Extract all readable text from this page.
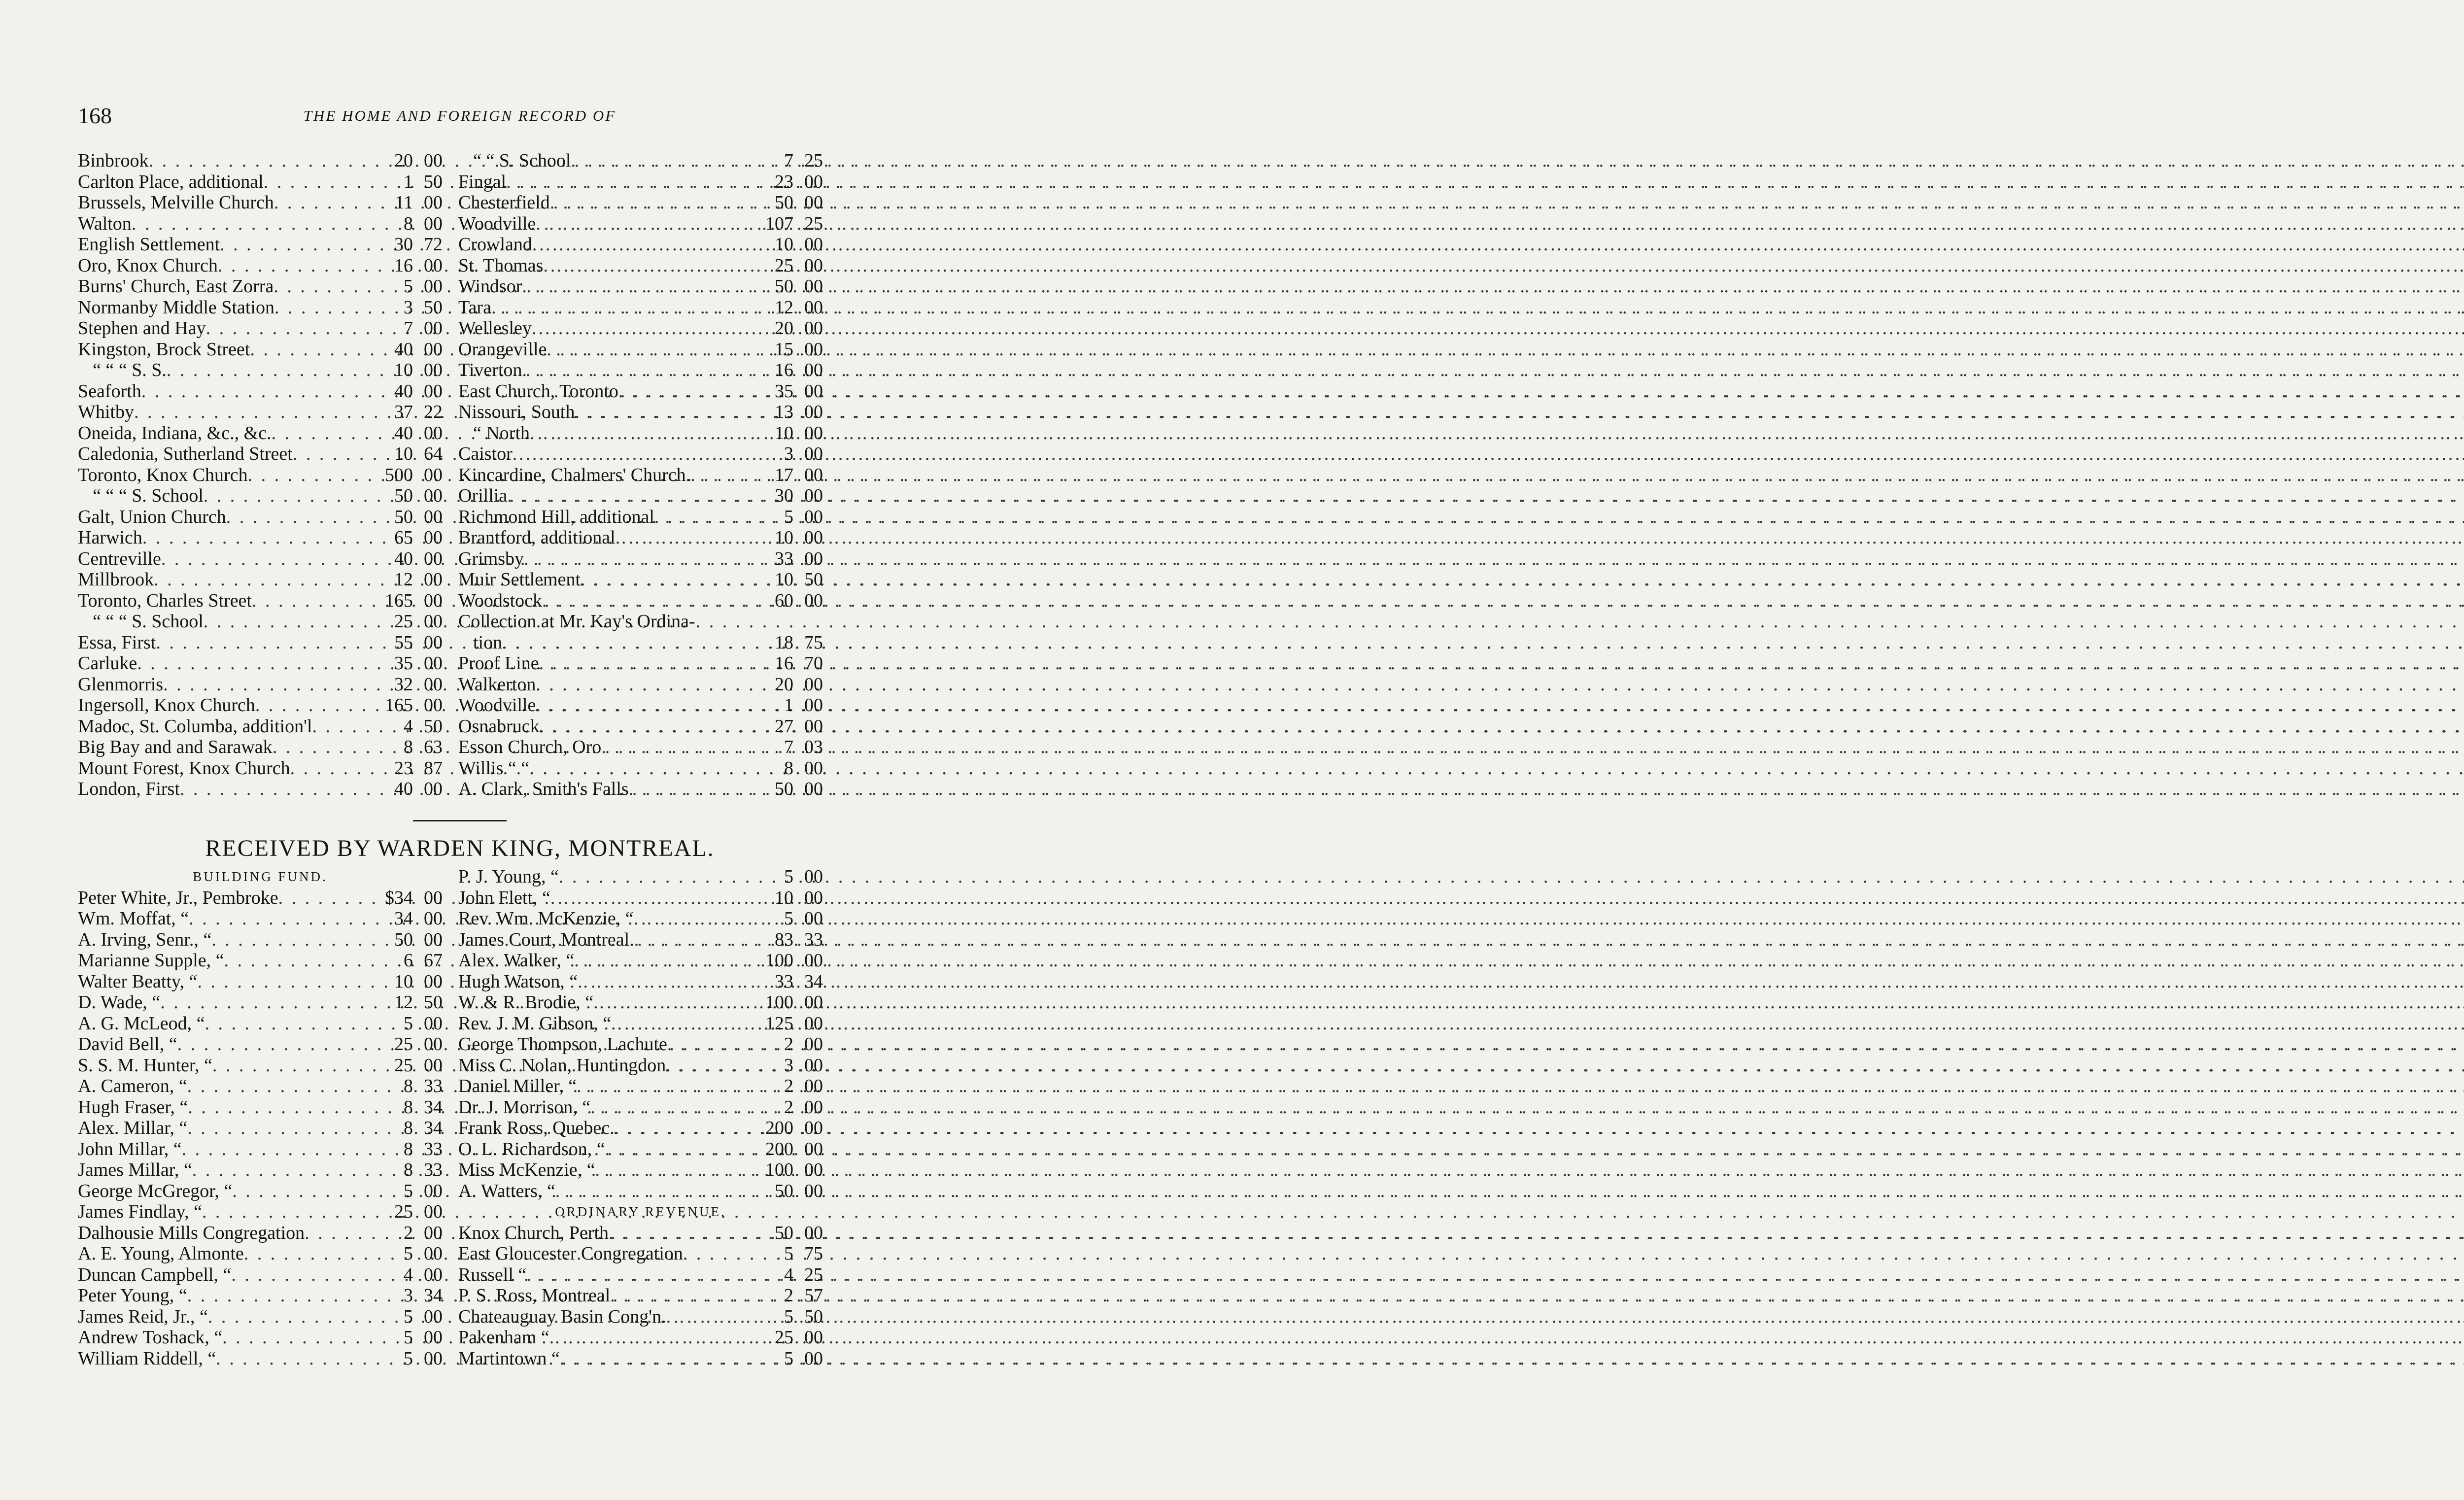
168	THE HOME AND FOREIGN RECORD OF
Binbrook . . .	20 00
Carlton Place, additional . . .	1 50
Brussels, Melville Church . . .	11 00
Walton . . .	8 00
English Settlement . . .	30 72
Oro, Knox Church . . .	16 00
Burns' Church, East Zorra . . .	5 00
Normanby Middle Station . . .	3 50
Stephen and Hay . . .	7 00
Kingston, Brock Street . . .	40 00
“ “ “ S. S. . . .	10 00
Seaforth . . .	40 00
Whitby . . .	37 22
Oneida, Indiana, &c., &c. . . .	40 00
Caledonia, Sutherland Street . . .	10 64
Toronto, Knox Church . . .	500 00
“ “ “ S. School . . .	50 00
Galt, Union Church . . .	50 00
Harwich . . .	65 00
Centreville . . .	40 00
Millbrook . . .	12 00
Toronto, Charles Street . . .	165 00
“ “ “ S. School . . .	25 00
Essa, First . . .	55 00
Carluke . . .	35 00
Glenmorris . . .	32 00
Ingersoll, Knox Church . . .	165 00
Madoc, St. Columba, addition'l . . .	4 50
Big Bay and and Sarawak . . .	8 63
Mount Forest, Knox Church . . .	23 87
London, First . . .	40 00
“ “ S. School . . .	7 25
Fingal . . .	23 00
Chesterfield . . .	50 00
Woodville . . .	107 25
Crowland . . .	10 00
St. Thomas . . .	25 00
Windsor . . .	50 00
Tara . . .	12 00
Wellesley . . .	20 00
Orangeville . . .	15 00
Tiverton . . .	16 00
East Church, Toronto . . .	35 00
Nissouri, South . . .	13 00
“ North . . .	10 00
Caistor . . .	3 00
Kincardine, Chalmers' Church. . . .	17 00
Orillia . . .	30 00
Richmond Hill, additional . . .	5 00
Brantford, additional . . .	10 00
Grimsby . . .	33 00
Muir Settlement . . .	10 50
Woodstock . . .	60 00
Collection at Mr. Kay's Ordina-
tion . . .	18 75
Proof Line . . .	16 70
Walkerton . . .	20 00
Woodville . . .	1 00
Osnabruck . . .	27 00
Esson Church, Oro . . .	7 03
Willis “ “ . . .	8 00
A. Clark, Smith's Falls . . .	50 00
RECEIVED BY WARDEN KING, MONTREAL.
BUILDING FUND.
Peter White, Jr., Pembroke . . .	$34 00
Wm. Moffat, “ . . .	34 00
A. Irving, Senr., “ . . .	50 00
Marianne Supple, “ . . .	6 67
Walter Beatty, “ . . .	10 00
D. Wade, “ . . .	12 50
A. G. McLeod, “ . . .	5 00
David Bell, “ . . .	25 00
S. S. M. Hunter, “ . . .	25 00
A. Cameron, “ . . .	8 33
Hugh Fraser, “ . . .	8 34
Alex. Millar, “ . . .	8 34
John Millar, “ . . .	8 33
James Millar, “ . . .	8 33
George McGregor, “ . . .	5 00
James Findlay, “ . . .	25 00
Dalhousie Mills Congregation . . .	2 00
A. E. Young, Almonte . . .	5 00
Duncan Campbell, “ . . .	4 00
Peter Young, “ . . .	3 34
James Reid, Jr., “ . . .	5 00
Andrew Toshack, “ . . .	5 00
William Riddell, “ . . .	5 00
P. J. Young, “ . . .	5 00
John Flett, “ . . .	10 00
Rev. Wm. McKenzie, “ . . .	5 00
James Court, Montreal. . . .	83 33
Alex. Walker, “ . . .	100 00
Hugh Watson, “ . . .	33 34
W. & R. Brodie, “ . . .	100 00
Rev. J. M. Gibson, “ . . .	125 00
George Thompson, Lachute . . .	2 00
Miss C. Nolan, Huntingdon . . .	3 00
Daniel Miller, “ . . .	2 00
Dr. J. Morrison, “ . . .	2 00
Frank Ross, Quebec. . . .	200 00
O. L. Richardson, “ . . .	200 00
Miss McKenzie, “ . . .	100 00
A. Watters, “ . . .	50 00
ORDINARY REVENUE.
Knox Church, Perth . . .	50 00
East Gloucester Congregation . . .	5 75
Russell “ . . .	4 25
P. S. Ross, Montreal . . .	2 57
Chateauguay Basin Cong'n. . . .	5 50
Pakenham “ . . .	25 00
Martintown “ . . .	5 00
